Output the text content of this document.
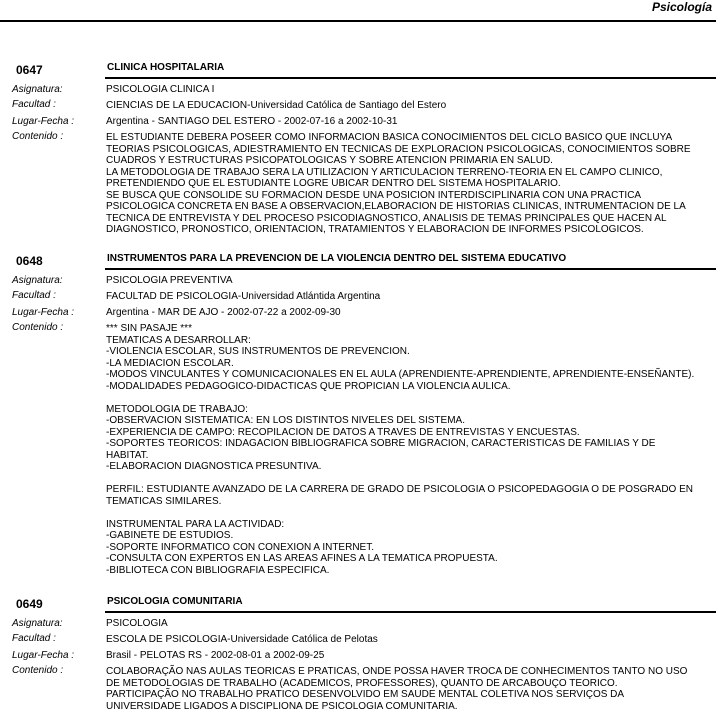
Psicología
0647	CLINICA HOSPITALARIA
Asignatura:	PSICOLOGIA CLINICA I
Facultad :	CIENCIAS DE LA EDUCACION-Universidad Católica de Santiago del Estero
Lugar-Fecha :	Argentina - SANTIAGO DEL ESTERO - 2002-07-16 a 2002-10-31
Contenido :	EL ESTUDIANTE DEBERA POSEER COMO INFORMACION BASICA CONOCIMIENTOS DEL CICLO BASICO QUE INCLUYA
TEORIAS PSICOLOGICAS, ADIESTRAMIENTO EN TECNICAS DE EXPLORACION PSICOLOGICAS, CONOCIMIENTOS SOBRE
CUADROS Y ESTRUCTURAS PSICOPATOLOGICAS Y SOBRE ATENCION PRIMARIA EN SALUD.
LA METODOLOGIA DE TRABAJO SERA LA UTILIZACION Y ARTICULACION TERRENO-TEORIA EN EL CAMPO CLINICO,
PRETENDIENDO QUE EL ESTUDIANTE LOGRE UBICAR DENTRO DEL SISTEMA HOSPITALARIO.
SE BUSCA QUE CONSOLIDE SU FORMACION DESDE UNA POSICION INTERDISCIPLINARIA CON UNA PRACTICA
PSICOLOGICA CONCRETA EN BASE A OBSERVACION,ELABORACION DE HISTORIAS CLINICAS, INTRUMENTACION DE LA
TECNICA DE ENTREVISTA Y DEL PROCESO PSICODIAGNOSTICO, ANALISIS DE TEMAS PRINCIPALES QUE HACEN AL
DIAGNOSTICO, PRONOSTICO, ORIENTACION, TRATAMIENTOS Y ELABORACION DE INFORMES PSICOLOGICOS.
0648	INSTRUMENTOS PARA LA PREVENCION DE LA VIOLENCIA DENTRO DEL SISTEMA EDUCATIVO
Asignatura:	PSICOLOGIA PREVENTIVA
Facultad :	FACULTAD DE PSICOLOGIA-Universidad Atlántida Argentina
Lugar-Fecha :	Argentina - MAR DE AJO - 2002-07-22 a 2002-09-30
Contenido :	*** SIN PASAJE ***
TEMATICAS A DESARROLLAR:
-VIOLENCIA ESCOLAR, SUS INSTRUMENTOS DE PREVENCION.
-LA MEDIACION ESCOLAR.
-MODOS VINCULANTES Y COMUNICACIONALES EN EL AULA (APRENDIENTE-APRENDIENTE, APRENDIENTE-ENSEÑANTE).
-MODALIDADES PEDAGOGICO-DIDACTICAS QUE PROPICIAN LA VIOLENCIA AULICA.
METODOLOGIA DE TRABAJO:
-OBSERVACION SISTEMATICA: EN LOS DISTINTOS NIVELES DEL SISTEMA.
-EXPERIENCIA DE CAMPO: RECOPILACION DE DATOS A TRAVES DE ENTREVISTAS Y ENCUESTAS.
-SOPORTES TEORICOS: INDAGACION BIBLIOGRAFICA SOBRE MIGRACION, CARACTERISTICAS DE FAMILIAS Y DE
HABITAT.
-ELABORACION DIAGNOSTICA PRESUNTIVA.
PERFIL: ESTUDIANTE AVANZADO DE LA CARRERA DE GRADO DE PSICOLOGIA O PSICOPEDAGOGIA O DE POSGRADO EN
TEMATICAS SIMILARES.
INSTRUMENTAL PARA LA ACTIVIDAD:
-GABINETE DE ESTUDIOS.
-SOPORTE INFORMATICO CON CONEXION A INTERNET.
-CONSULTA CON EXPERTOS EN LAS AREAS AFINES A LA TEMATICA PROPUESTA.
-BIBLIOTECA CON BIBLIOGRAFIA ESPECIFICA.
0649	PSICOLOGIA COMUNITARIA
Asignatura:	PSICOLOGIA
Facultad :	ESCOLA DE PSICOLOGIA-Universidade Católica de Pelotas
Lugar-Fecha :	Brasil - PELOTAS RS - 2002-08-01 a 2002-09-25
Contenido :	COLABORAÇÃO NAS AULAS TEORICAS E PRATICAS, ONDE POSSA HAVER TROCA DE CONHECIMENTOS TANTO NO USO
DE METODOLOGIAS DE TRABALHO (ACADEMICOS, PROFESSORES), QUANTO DE ARCABOUÇO TEORICO.
PARTICIPAÇÃO NO TRABALHO PRATICO DESENVOLVIDO EM SAUDE MENTAL COLETIVA NOS SERVIÇOS DA
UNIVERSIDADE LIGADOS A DISCIPLIONA DE PSICOLOGIA COMUNITARIA.
